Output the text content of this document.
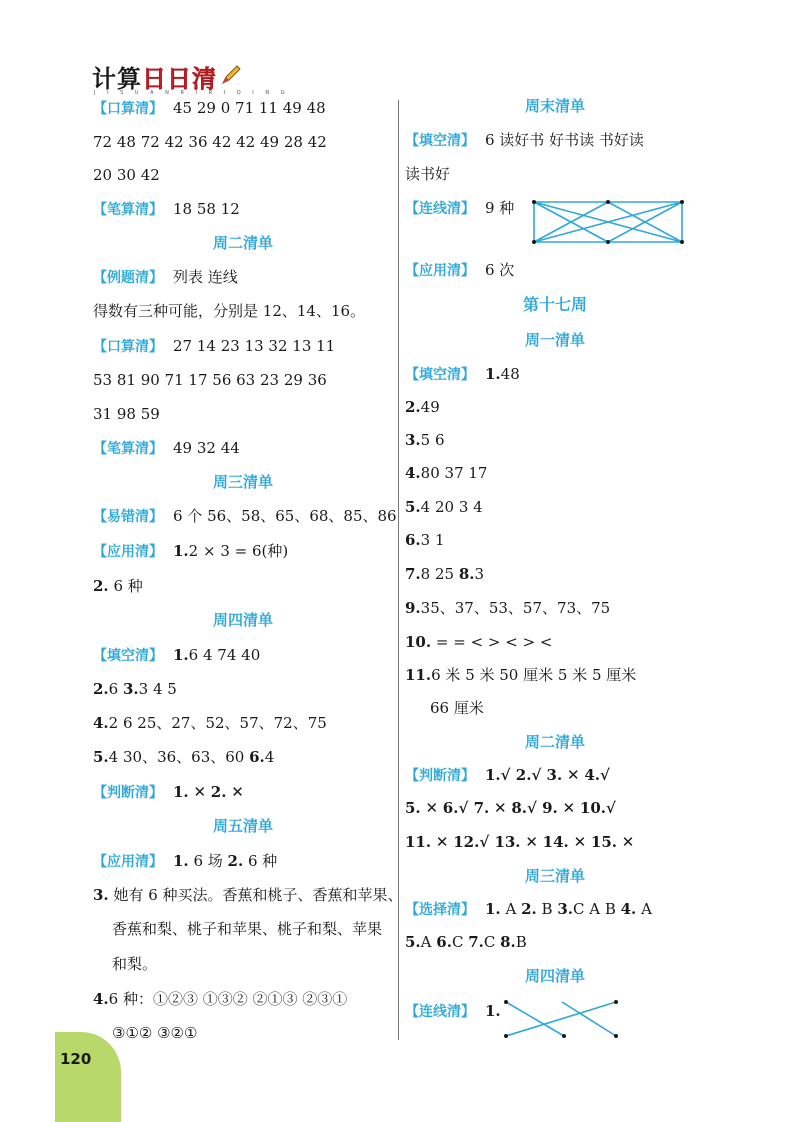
计算日日清
J I S U A N R I R I Q I N G
【口算清】 45 29 0 71 11 49 48
72 48 72 42 36 42 42 49 28 42
20 30 42
【笔算清】 18 58 12
周二清单
【例题清】 列表 连线
得数有三种可能，分别是 12、14、16。
【口算清】 27 14 23 13 32 13 11
53 81 90 71 17 56 63 23 29 36
31 98 59
【笔算清】 49 32 44
周三清单
【易错清】 6 个 56、58、65、68、85、86
【应用清】 1.2 × 3 = 6(种)
2. 6 种
周四清单
【填空清】 1.6 4 74 40
2.6 3.3 4 5
4.2 6 25、27、52、57、72、75
5.4 30、36、63、60 6.4
【判断清】 1. ✕ 2. ✕
周五清单
【应用清】 1. 6 场 2. 6 种
3. 她有 6 种买法。香蕉和桃子、香蕉和苹果、
香蕉和梨、桃子和苹果、桃子和梨、苹果
和梨。
4.6 种：①②③ ①③② ②①③ ②③①
③①② ③②①
周末清单
【填空清】 6 读好书 好书读 书好读
读书好
【连线清】 9 种
【应用清】 6 次
第十七周
周一清单
【填空清】 1.48
2.49
3.5 6
4.80 37 17
5.4 20 3 4
6.3 1
7.8 25 8.3
9.35、37、53、57、73、75
10. = = < > < > <
11.6 米 5 米 50 厘米 5 米 5 厘米
66 厘米
周二清单
【判断清】 1.√ 2.√ 3. ✕ 4.√
5. ✕ 6.√ 7. ✕ 8.√ 9. ✕ 10.√
11. ✕ 12.√ 13. ✕ 14. ✕ 15. ✕
周三清单
【选择清】 1. A 2. B 3.C A B 4. A
5.A 6.C 7.C 8.B
周四清单
【连线清】 1.
120
